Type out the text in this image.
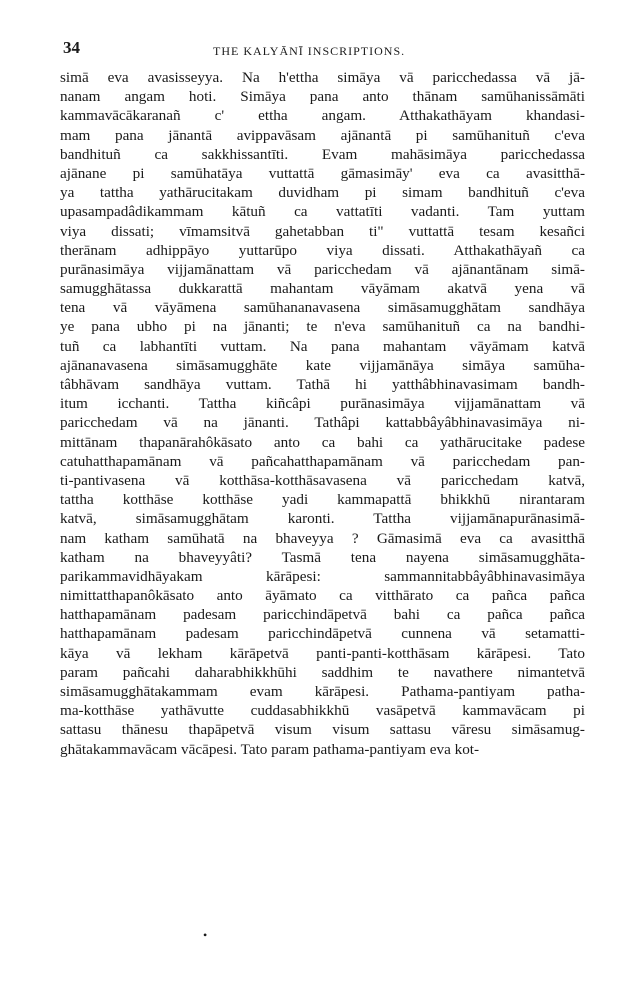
34	THE KALYĀNĪ INSCRIPTIONS.
simā eva avasisseyya. Na h'ettha simāya vā paricchedassa vā jā-
nanam angam hoti. Simāya pana anto thānam samūhanissāmāti
kammavācākaranañ c' ettha angam. Atthakathāyam khandasi-
mam pana jānantā avippavāsam ajānantā pi samūhanituñ c'eva
bandhituñ ca sakkhissantīti. Evam mahāsimāya paricchedassa
ajānane pi samūhatāya vuttattā gāmasimāy' eva ca avasitthā-
ya tattha yathārucitakam duvidham pi simam bandhituñ c'eva
upasampadâdikammam kātuñ ca vattatīti vadanti. Tam yuttam
viya dissati; vīmamsitvā gahetabban ti" vuttattā tesam kesañci
therānam adhippāyo yuttarūpo viya dissati. Atthakathāyañ ca
purānasimāya vijjamānattam vā paricchedam vā ajānantānam simā-
samugghātassa dukkarattā mahantam vāyāmam akatvā yena vā
tena vā vāyāmena samūhananavasena simāsamugghātam sandhāya
ye pana ubho pi na jānanti; te n'eva samūhanituñ ca na bandhi-
tuñ ca labhantīti vuttam. Na pana mahantam vāyāmam katvā
ajānanavasena simāsamugghāte kate vijjamānāya simāya samūha-
tâbhāvam sandhāya vuttam. Tathā hi yatthâbhinavasimam bandh-
itum icchanti. Tattha kiñcâpi purānasimāya vijjamānattam vā
paricchedam vā na jānanti. Tathâpi kattabbâyâbhinavasimāya ni-
mittānam thapanārahôkāsato anto ca bahi ca yathārucitake padese
catuhatthapamānam vā pañcahatthapamānam vā paricchedam pan-
ti-pantivasena vā kotthāsa-kotthāsavasena vā paricchedam katvā,
tattha kotthāse kotthāse yadi kammapattā bhikkhū nirantaram
katvā, simāsamugghātam karonti. Tattha vijjamānapurānasimā-
nam katham samūhatā na bhaveyya ? Gāmasimā eva ca avasitthā
katham na bhaveyyâti? Tasmā tena nayena simāsamugghāta-
parikammavidhāyakam kārāpesi: sammannitabbâyâbhinavasimāya
nimittatthapanôkāsato anto āyāmato ca vitthārato ca pañca pañca
hatthapamānam padesam paricchindāpetvā bahi ca pañca pañca
hatthapamānam padesam paricchindāpetvā cunnena vā setamatti-
kāya vā lekham kārāpetvā panti-panti-kotthāsam kārāpesi. Tato
param pañcahi daharabhikkhūhi saddhim te navathere nimantetvā
simāsamugghātakammam evam kārāpesi. Pathama-pantiyam patha-
ma-kotthāse yathāvutte cuddasabhikkhū vasāpetvā kammavācam pi
sattasu thānesu thapāpetvā visum visum sattasu vāresu simāsamug-
ghātakammavācam vācāpesi. Tato param pathama-pantiyam eva kot-
•
